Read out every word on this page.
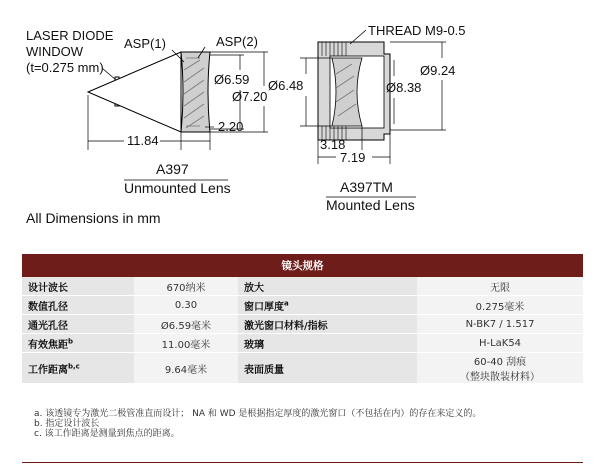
LASER DIODE
WINDOW
(t=0.275 mm)
ASP(1)	ASP(2)
Ø6.59
Ø7.20
2.20
11.84
A397
Unmounted Lens
THREAD M9-0.5
Ø6.48
Ø9.24
Ø8.38
3.18
7.19
A397TM
Mounted Lens
All Dimensions in mm
镜头规格			
设计波长	670纳米	放大	无限
数值孔径	0.30	窗口厚度$^a$	0.275毫米
通光孔径	Ø6.59毫米	激光窗口材料/指标	N-BK7 / 1.517
有效焦距$^b$	11.00毫米	玻璃	H-LaK54
工作距离$^{b,c}$	9.64毫米	表面质量	60-40 刮痕
（整块散装材料）
a. 该透镜专为激光二极管准直而设计； NA 和 WD 是根据指定厚度的激光窗口（不包括在内）的存在来定义的。
b. 指定设计波长
c. 该工作距离是测量到焦点的距离。
